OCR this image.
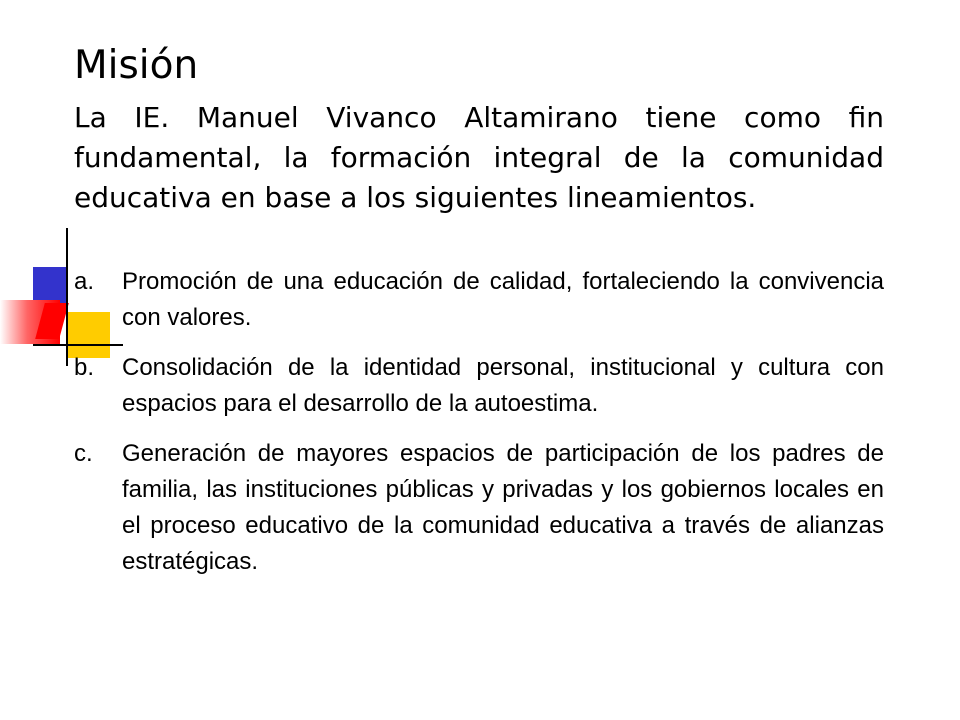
Misión
La IE. Manuel Vivanco Altamirano tiene como fin fundamental, la formación integral de la comunidad educativa en base a los siguientes lineamientos.
a. Promoción de una educación de calidad, fortaleciendo la convivencia con valores.
b. Consolidación de la identidad personal, institucional y cultura con espacios para el desarrollo de la autoestima.
c. Generación de mayores espacios de participación de los padres de familia, las instituciones públicas y privadas y los gobiernos locales en el proceso educativo de la comunidad educativa a través de alianzas estratégicas.
